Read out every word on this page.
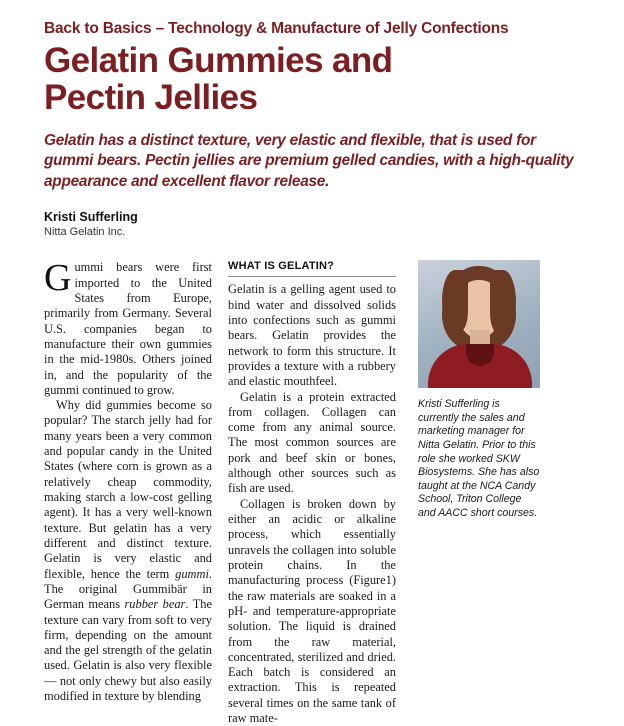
Back to Basics – Technology & Manufacture of Jelly Confections
Gelatin Gummies and
Pectin Jellies
Gelatin has a distinct texture, very elastic and flexible, that is used for gummi bears. Pectin jellies are premium gelled candies, with a high-quality appearance and excellent flavor release.
Kristi Sufferling
Nitta Gelatin Inc.

Gummi bears were first imported to the United States from Europe, primarily from Germany. Several U.S. companies began to manufacture their own gummies in the mid-1980s. Others joined in, and the popularity of the gummi continued to grow.

Why did gummies become so popular? The starch jelly had for many years been a very common and popular candy in the United States (where corn is grown as a relatively cheap commodity, making starch a low-cost gelling agent). It has a very well-known texture. But gelatin has a very different and distinct texture. Gelatin is very elastic and flexible, hence the term gummi. The original Gummibär in German means rubber bear. The texture can vary from soft to very firm, depending on the amount and the gel strength of the gelatin used. Gelatin is also very flexible — not only chewy but also easily modified in texture by blending

WHAT IS GELATIN?

Gelatin is a gelling agent used to bind water and dissolved solids into confections such as gummi bears. Gelatin provides the network to form this structure. It provides a texture with a rubbery and elastic mouthfeel.

Gelatin is a protein extracted from collagen. Collagen can come from any animal source. The most common sources are pork and beef skin or bones, although other sources such as fish are used.

Collagen is broken down by either an acidic or alkaline process, which essentially unravels the collagen into soluble protein chains. In the manufacturing process (Figure1) the raw materials are soaked in a pH- and temperature-appropriate solution. The liquid is drained from the raw material, concentrated, sterilized and dried. Each batch is considered an extraction. This is repeated several times on the same tank of raw mate-

Kristi Sufferling is currently the sales and marketing manager for Nitta Gelatin. Prior to this role she worked SKW Biosystems. She has also taught at the NCA Candy School, Triton College and AACC short courses.
